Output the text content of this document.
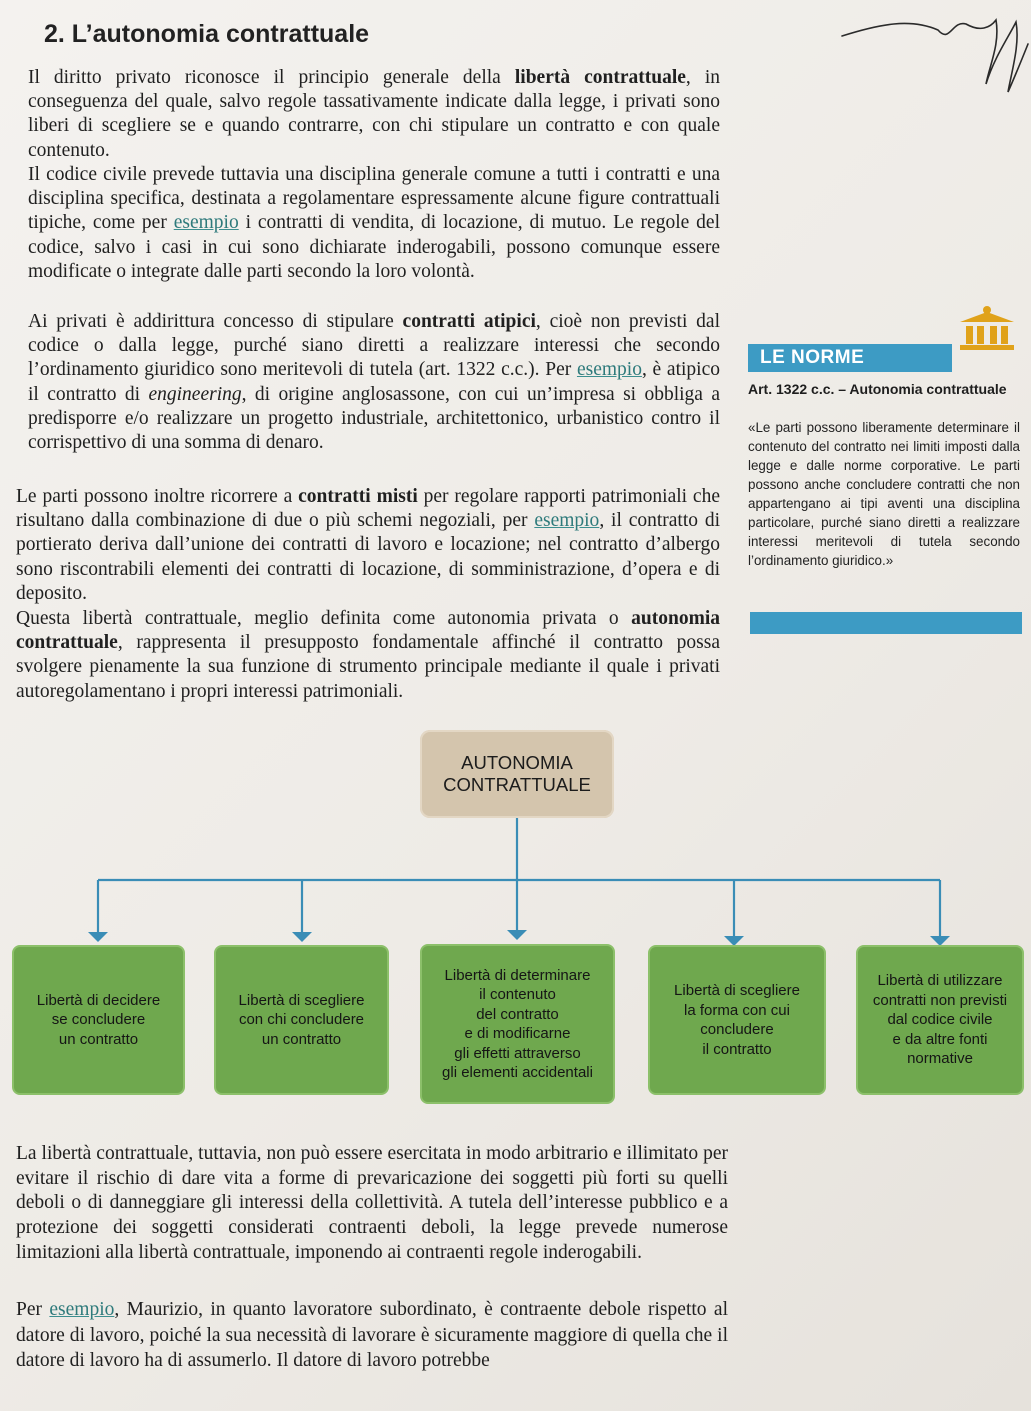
2. L’autonomia contrattuale

Il diritto privato riconosce il principio generale della libertà contrattuale, in conseguenza del quale, salvo regole tassativamente indicate dalla legge, i privati sono liberi di scegliere se e quando contrarre, con chi stipulare un contratto e con quale contenuto.

Il codice civile prevede tuttavia una disciplina generale comune a tutti i contratti e una disciplina specifica, destinata a regolamentare espressamente alcune figure contrattuali tipiche, come per esempio i contratti di vendita, di locazione, di mutuo. Le regole del codice, salvo i casi in cui sono dichiarate inderogabili, possono comunque essere modificate o integrate dalle parti secondo la loro volontà.

Ai privati è addirittura concesso di stipulare contratti atipici, cioè non previsti dal codice o dalla legge, purché siano diretti a realizzare interessi che secondo l’ordinamento giuridico sono meritevoli di tutela (art. 1322 c.c.). Per esempio, è atipico il contratto di engineering, di origine anglosassone, con cui un’impresa si obbliga a predisporre e/o realizzare un progetto industriale, architettonico, urbanistico contro il corrispettivo di una somma di denaro.

Le parti possono inoltre ricorrere a contratti misti per regolare rapporti patrimoniali che risultano dalla combinazione di due o più schemi negoziali, per esempio, il contratto di portierato deriva dall’unione dei contratti di lavoro e locazione; nel contratto d’albergo sono riscontrabili elementi dei contratti di locazione, di somministrazione, d’opera e di deposito.

Questa libertà contrattuale, meglio definita come autonomia privata o autonomia contrattuale, rappresenta il presupposto fondamentale affinché il contratto possa svolgere pienamente la sua funzione di strumento principale mediante il quale i privati autoregolamentano i propri interessi patrimoniali.

LE NORME
Art. 1322 c.c. – Autonomia contrattuale

«Le parti possono liberamente determinare il contenuto del contratto nei limiti imposti dalla legge e dalle norme corporative. Le parti possono anche concludere contratti che non appartengano ai tipi aventi una disciplina particolare, purché siano diretti a realizzare interessi meritevoli di tutela secondo l’ordinamento giuridico.»

AUTONOMIA
CONTRATTUALE
Libertà di decidere
se concludere
un contratto
Libertà di scegliere
con chi concludere
un contratto
Libertà di determinare
il contenuto
del contratto
e di modificarne
gli effetti attraverso
gli elementi accidentali
Libertà di scegliere
la forma con cui
concludere
il contratto
Libertà di utilizzare
contratti non previsti
dal codice civile
e da altre fonti
normative

La libertà contrattuale, tuttavia, non può essere esercitata in modo arbitrario e illimitato per evitare il rischio di dare vita a forme di prevaricazione dei soggetti più forti su quelli deboli o di danneggiare gli interessi della collettività. A tutela dell’interesse pubblico e a protezione dei soggetti considerati contraenti deboli, la legge prevede numerose limitazioni alla libertà contrattuale, imponendo ai contraenti regole inderogabili.

Per esempio, Maurizio, in quanto lavoratore subordinato, è contraente debole rispetto al datore di lavoro, poiché la sua necessità di lavorare è sicuramente maggiore di quella che il datore di lavoro ha di assumerlo. Il datore di lavoro potrebbe
